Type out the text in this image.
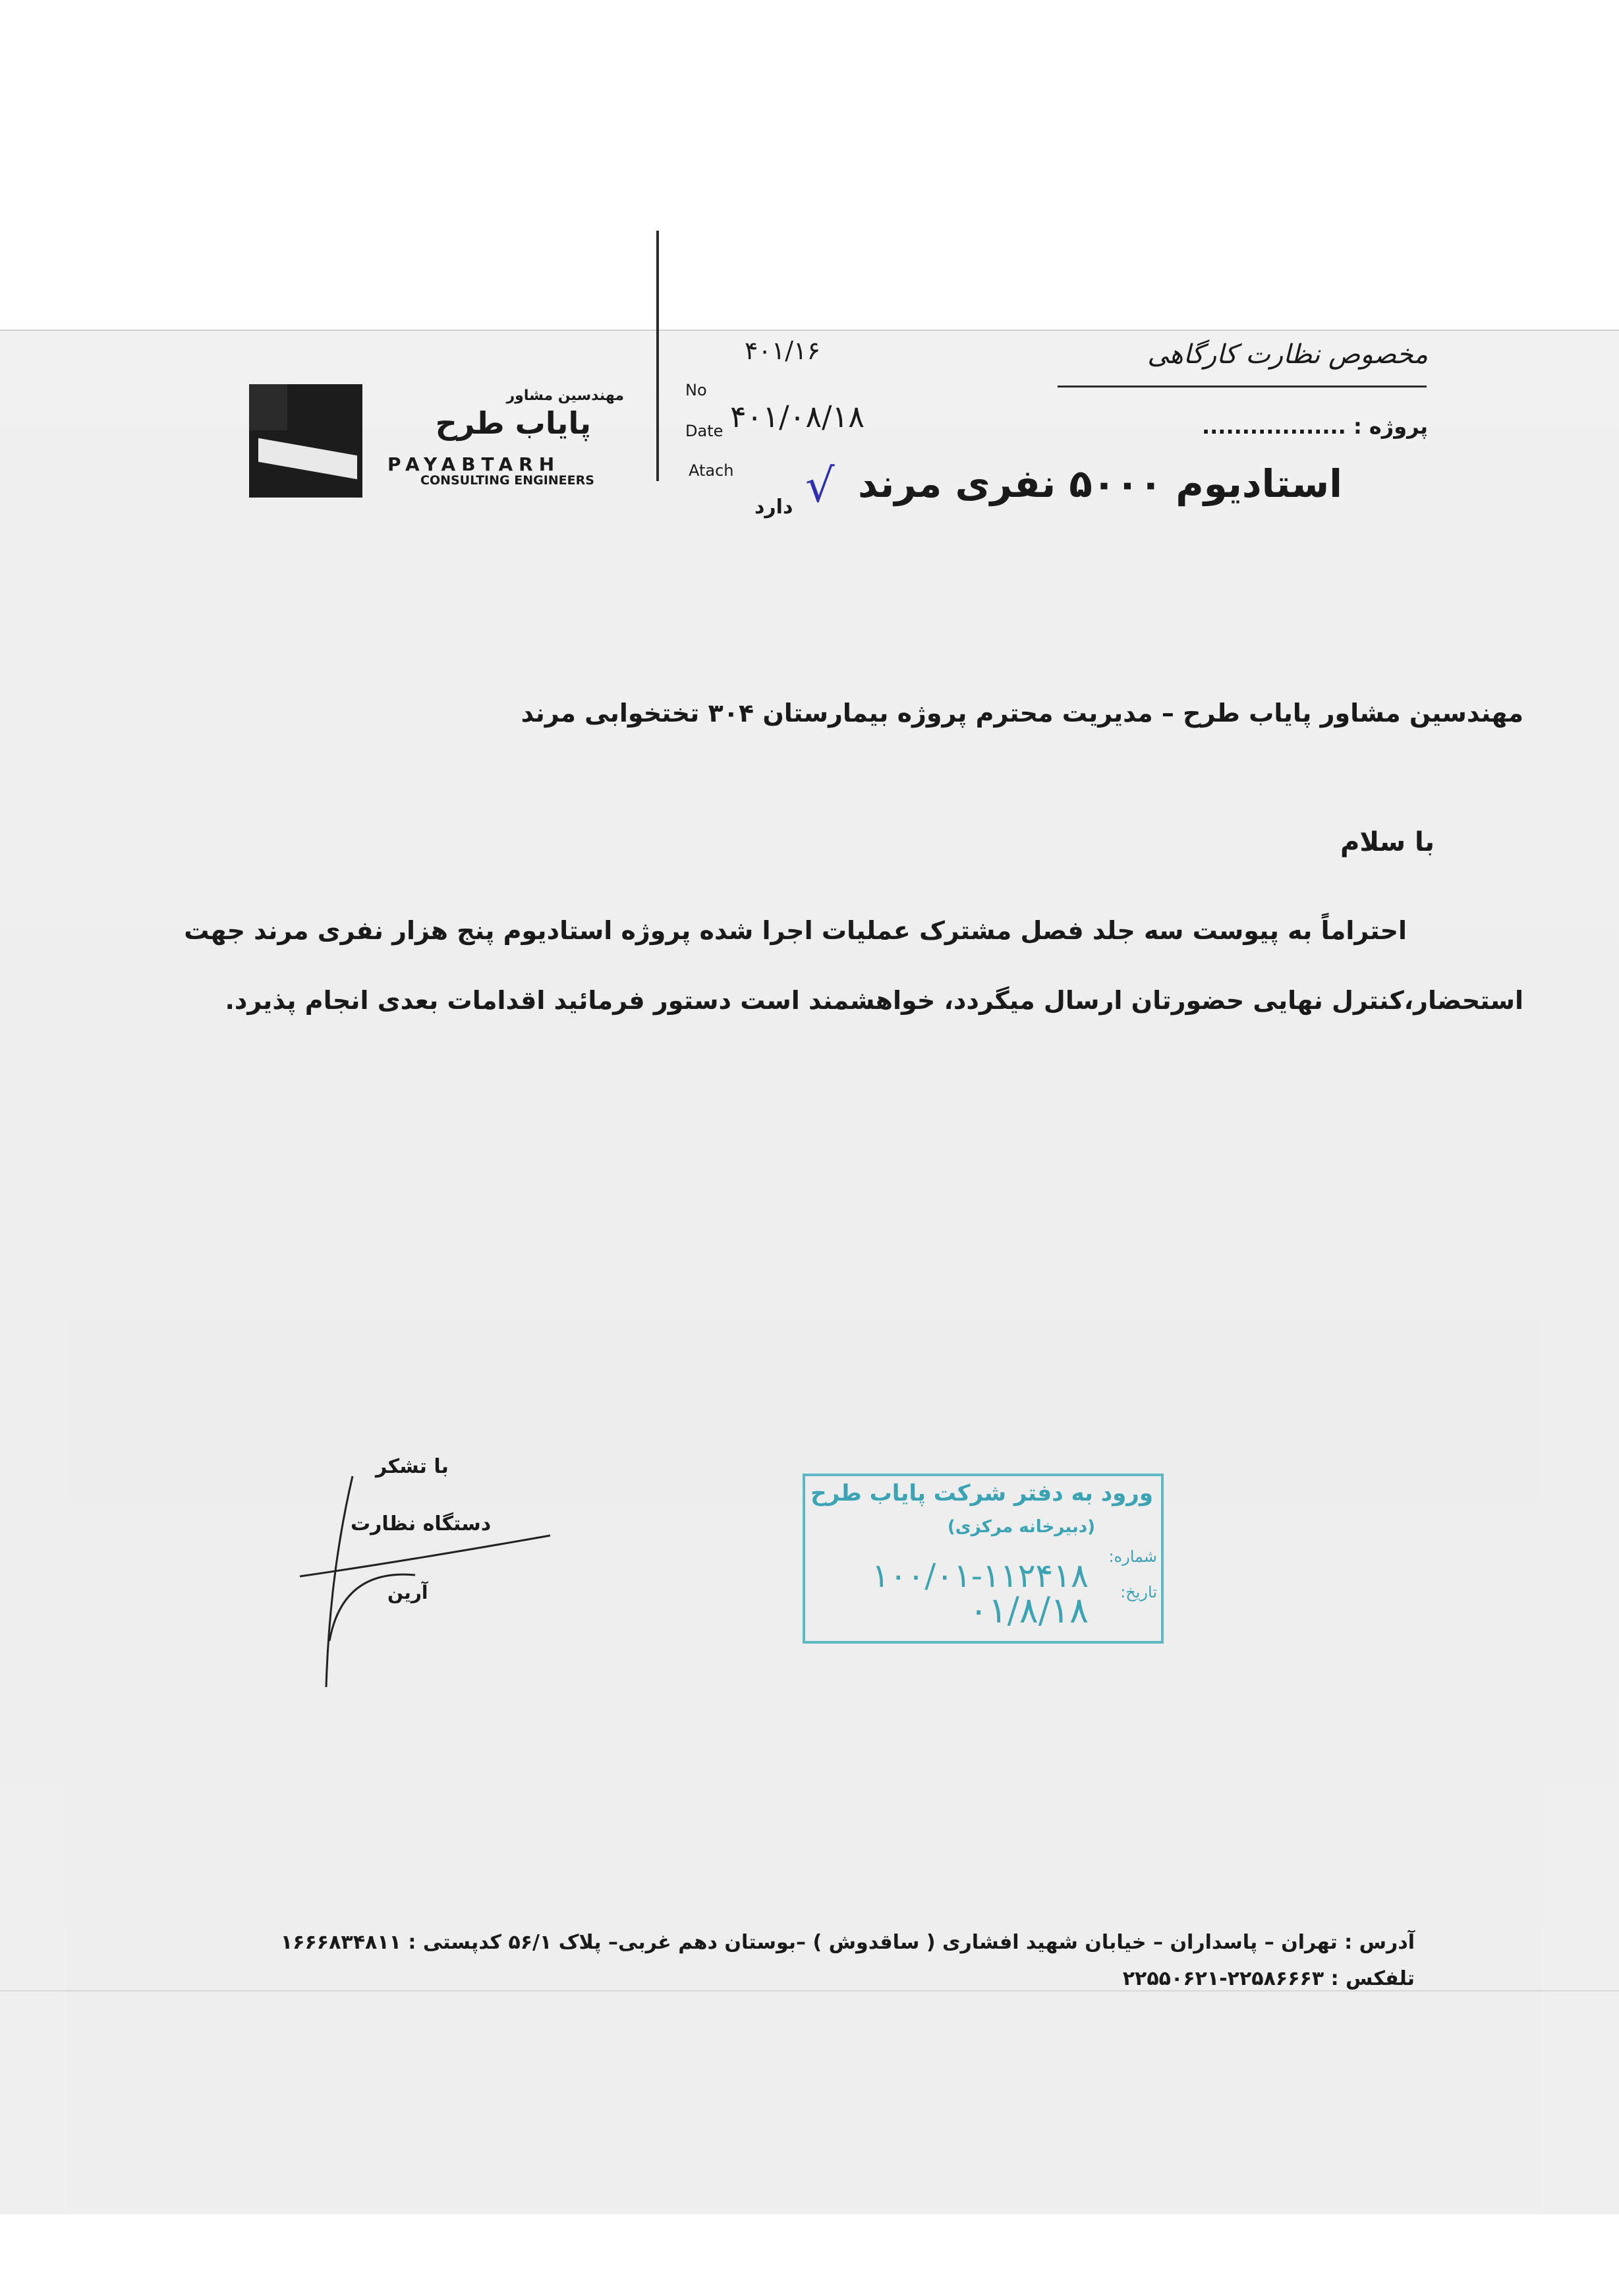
مخصوص نظارت کارگاهی
پروژه : ..................
استادیوم ۵۰۰۰ نفری مرند
No
۴۰۱/۱۶
Date ۴۰۱/۰۸/۱۸
Atach
دارد √
مهندسین مشاور
پایاب طرح
PAYABTARH
CONSULTING ENGINEERS
مهندسین مشاور پایاب طرح – مدیریت محترم پروژه بیمارستان ۳۰۴ تختخوابی مرند
با سلام
احتراماً به پیوست سه جلد فصل مشترک عملیات اجرا شده پروژه استادیوم پنج هزار نفری مرند جهت
استحضار،کنترل نهایی حضورتان ارسال میگردد، خواهشمند است دستور فرمائید اقدامات بعدی انجام پذیرد.
با تشکر
دستگاه نظارت
آرین
ورود به دفتر شرکت پایاب طرح
(دبیرخانه مرکزی)
شماره:
۱۰۰/۰۱-۱۱۲۴۱۸ تاریخ:
۰۱/۸/۱۸
آدرس : تهران – پاسداران – خیابان شهید افشاری ( ساقدوش ) –بوستان دهم غربی– پلاک ۵۶/۱ کدپستی : ۱۶۶۶۸۳۴۸۱۱
تلفکس : ۲۲۵۸۶۶۶۳-۲۲۵۵۰۶۲۱
